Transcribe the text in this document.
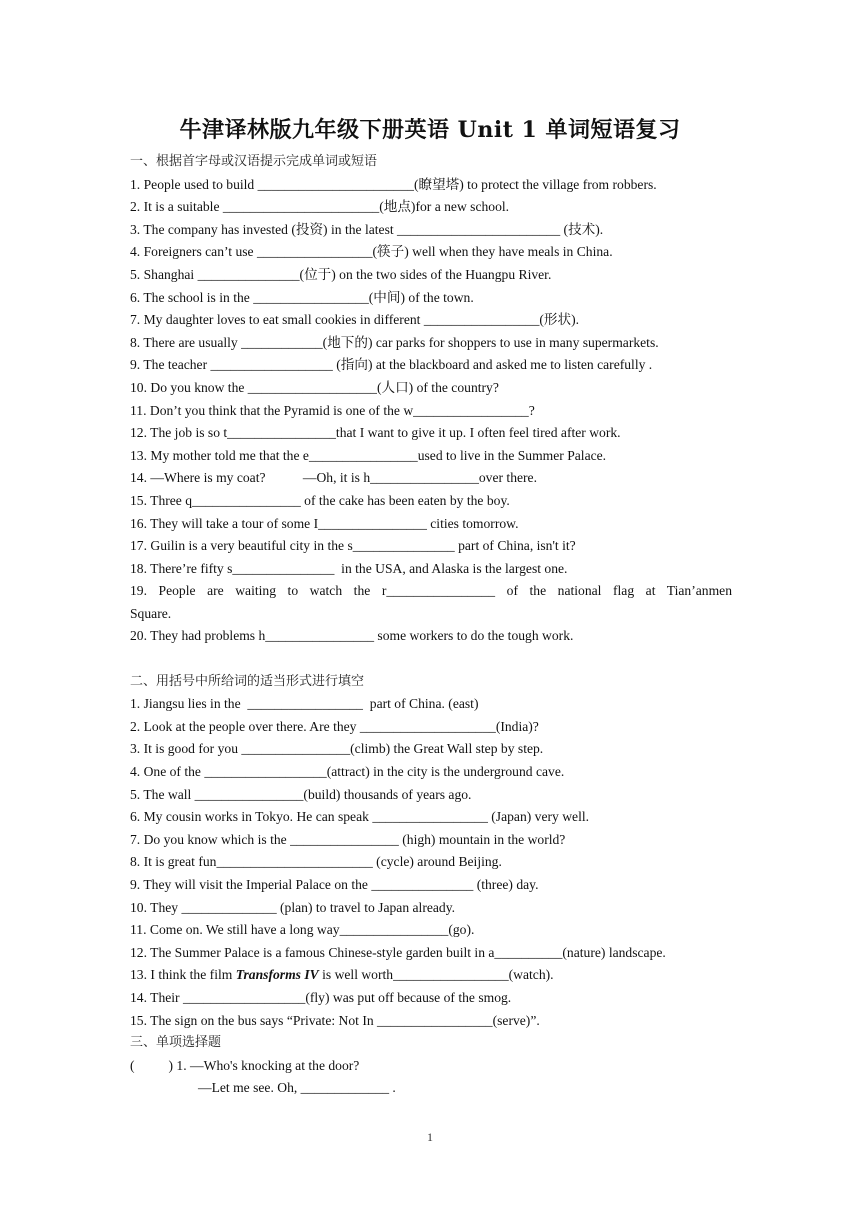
牛津译林版九年级下册英语 Unit 1 单词短语复习
一、根据首字母或汉语提示完成单词或短语
1. People used to build _______________________(瞭望塔) to protect the village from robbers.
2. It is a suitable _______________________(地点)for a new school.
3. The company has invested (投资) in the latest ________________________ (技术).
4. Foreigners can’t use _________________(筷子) well when they have meals in China.
5. Shanghai _______________(位于) on the two sides of the Huangpu River.
6. The school is in the _________________(中间) of the town.
7. My daughter loves to eat small cookies in different _________________(形状).
8. There are usually ____________(地下的) car parks for shoppers to use in many supermarkets.
9. The teacher __________________ (指向) at the blackboard and asked me to listen carefully .
10. Do you know the ___________________(人口) of the country?
11. Don’t you think that the Pyramid is one of the w_________________?
12. The job is so t________________that I want to give it up. I often feel tired after work.
13. My mother told me that the e________________used to live in the Summer Palace.
14. —Where is my coat?           —Oh, it is h________________over there.
15. Three q________________ of the cake has been eaten by the boy.
16. They will take a tour of some I________________ cities tomorrow.
17. Guilin is a very beautiful city in the s_______________ part of China, isn't it?
18. There’re fifty s_______________  in the USA, and Alaska is the largest one.
19. People are waiting to watch the r________________ of the national flag at Tian’anmen
Square.
20. They had problems h________________ some workers to do the tough work.
二、用括号中所给词的适当形式进行填空
1. Jiangsu lies in the  _________________  part of China. (east)
2. Look at the people over there. Are they ____________________(India)?
3. It is good for you ________________(climb) the Great Wall step by step.
4. One of the __________________(attract) in the city is the underground cave.
5. The wall ________________(build) thousands of years ago.
6. My cousin works in Tokyo. He can speak _________________ (Japan) very well.
7. Do you know which is the ________________ (high) mountain in the world?
8. It is great fun_______________________ (cycle) around Beijing.
9. They will visit the Imperial Palace on the _______________ (three) day.
10. They ______________ (plan) to travel to Japan already.
11. Come on. We still have a long way________________(go).
12. The Summer Palace is a famous Chinese-style garden built in a__________(nature) landscape.
13. I think the film Transforms IV is well worth_________________(watch).
14. Their __________________(fly) was put off because of the smog.
15. The sign on the bus says “Private: Not In _________________(serve)”.
三、单项选择题
(          ) 1. —Who's knocking at the door?
—Let me see. Oh, _____________ .
1
